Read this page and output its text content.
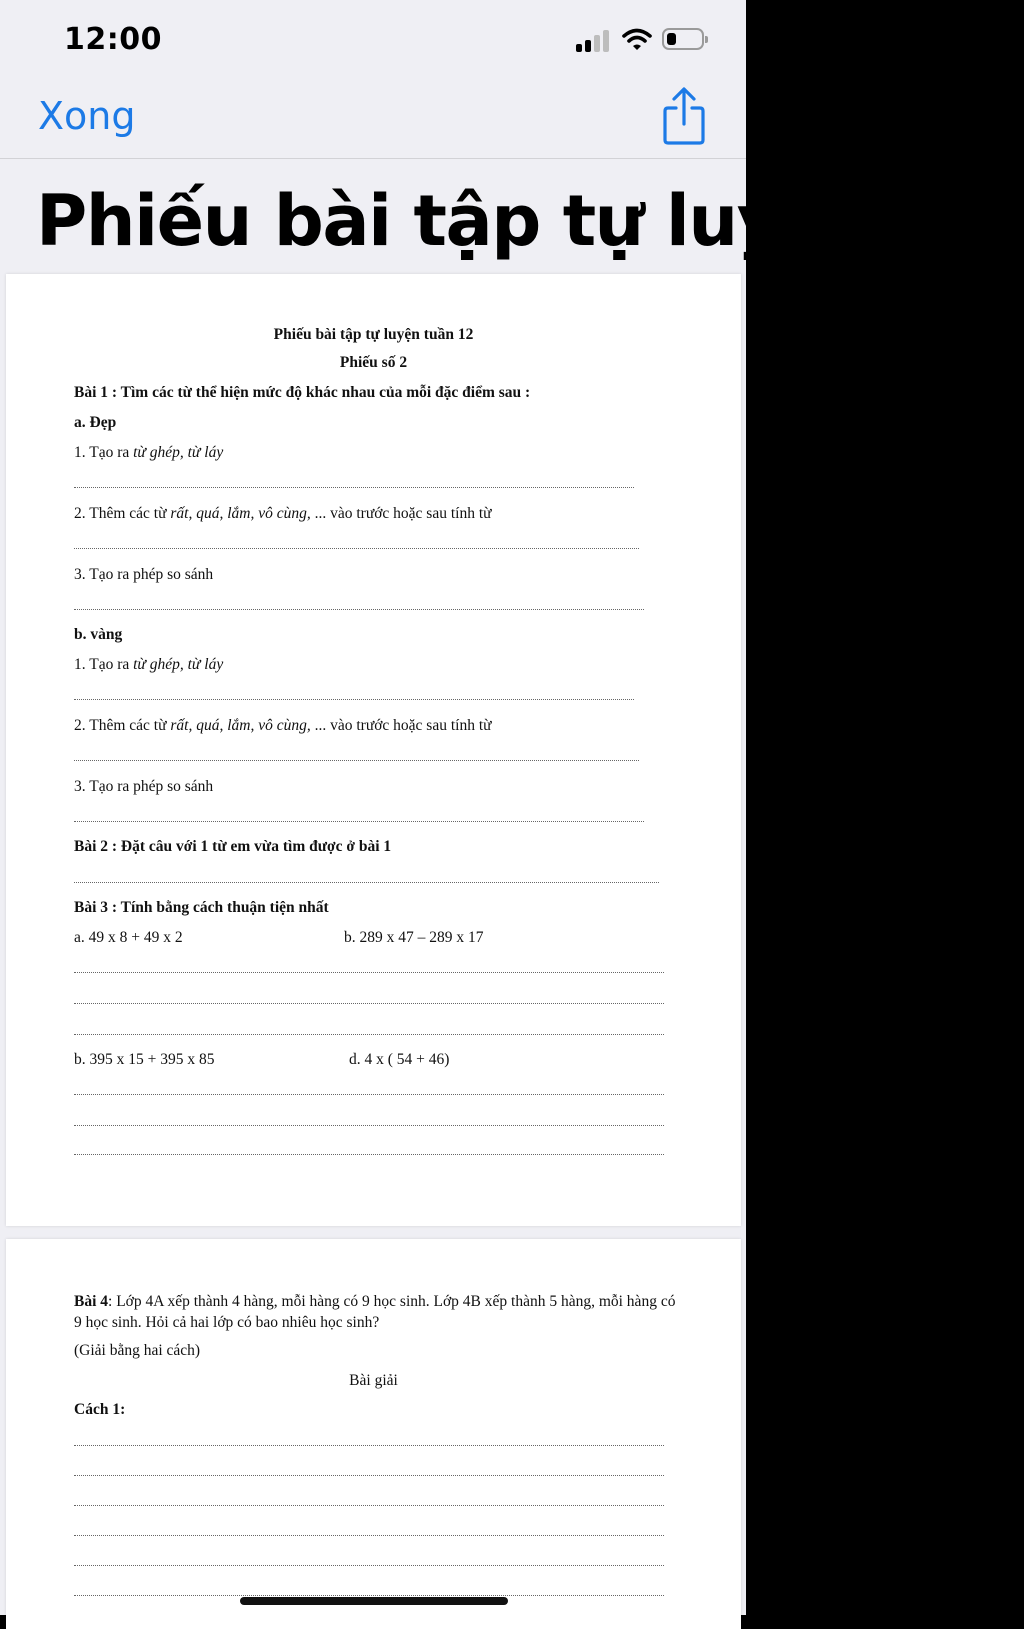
12:00
Xong
Phiếu bài tập tự luy...
Phiếu bài tập tự luyện tuần 12
Phiếu số 2
Bài 1 : Tìm các từ thể hiện mức độ khác nhau của mỗi đặc điểm sau :
a. Đẹp
1. Tạo ra từ ghép, từ láy
2. Thêm các từ rất, quá, lắm, vô cùng, ... vào trước hoặc sau tính từ
3. Tạo ra phép so sánh
b. vàng
1. Tạo ra từ ghép, từ láy
2. Thêm các từ rất, quá, lắm, vô cùng, ... vào trước hoặc sau tính từ
3. Tạo ra phép so sánh
Bài 2 : Đặt câu với 1 từ em vừa tìm được ở bài 1
Bài 3 : Tính bằng cách thuận tiện nhất
a. 49 x 8 + 49 x 2	b. 289 x 47 – 289 x 17
b. 395 x 15 + 395 x 85	d. 4 x ( 54 + 46)
Bài 4: Lớp 4A xếp thành 4 hàng, mỗi hàng có 9 học sinh. Lớp 4B xếp thành 5 hàng, mỗi hàng có 9 học sinh. Hỏi cả hai lớp có bao nhiêu học sinh?
(Giải bằng hai cách)
Bài giải
Cách 1:
